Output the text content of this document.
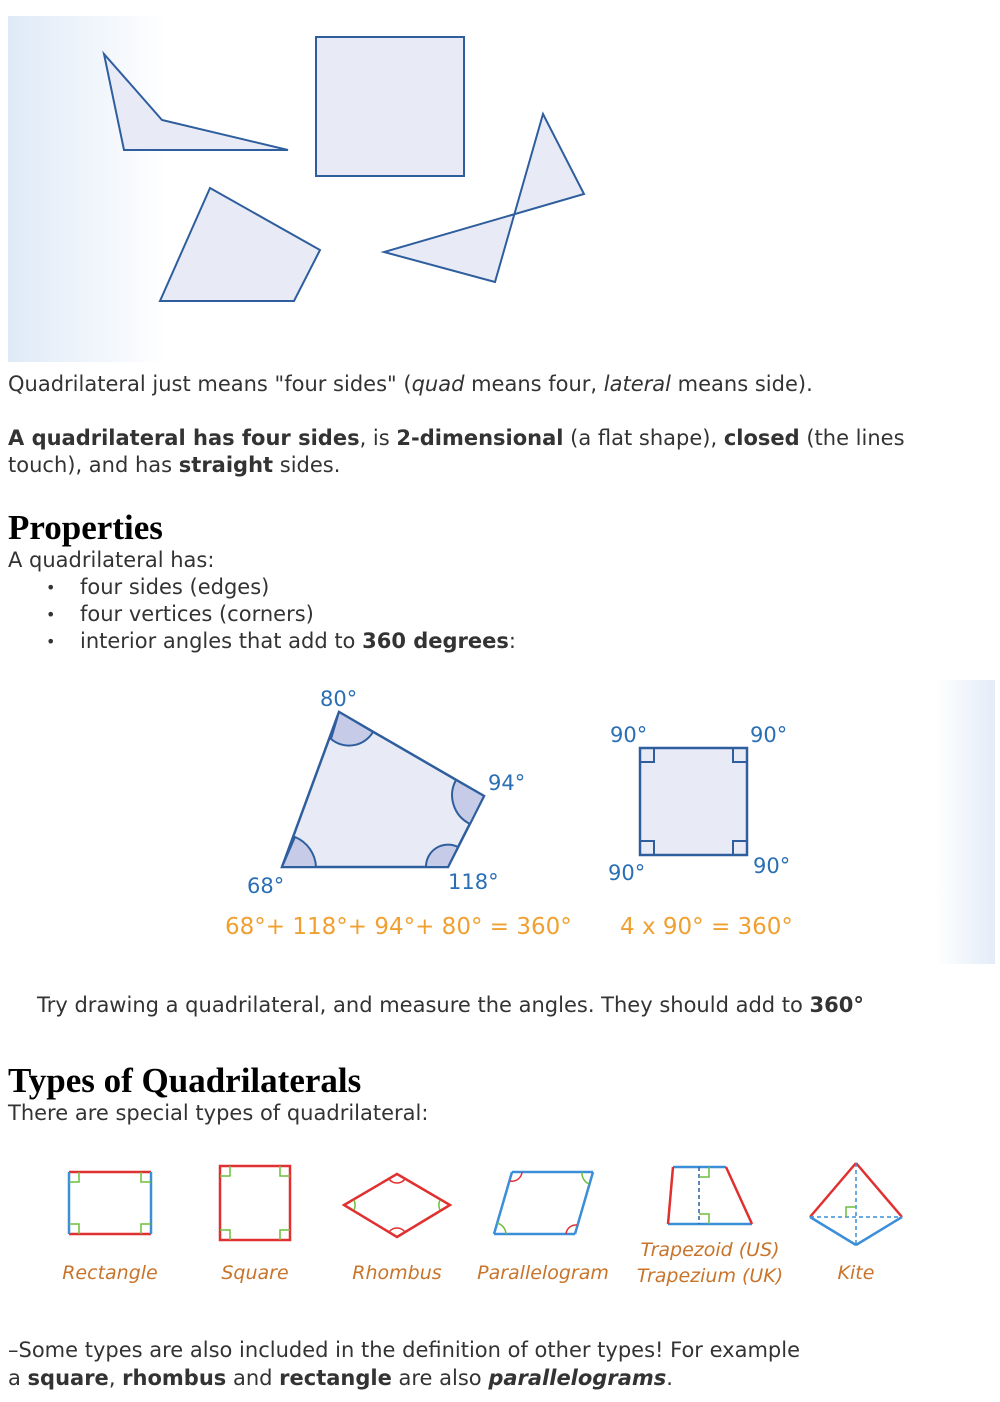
Quadrilateral just means "four sides" (quad means four, lateral means side).

A quadrilateral has four sides, is 2-dimensional (a flat shape), closed (the lines touch), and has straight sides.

Properties

A quadrilateral has:

• four sides (edges)
• four vertices (corners)
• interior angles that add to 360 degrees:
80°
94°
68°	118°
68°+ 118°+ 94°+ 80° = 360°
90°	90°
90°	90°
4 x 90° = 360°

Try drawing a quadrilateral, and measure the angles. They should add to 360°

Types of Quadrilaterals

There are special types of quadrilateral:

Rectangle	Square	Rhombus Parallelogram
Trapezoid (US)
Trapezium (UK)	Kite

–Some types are also included in the definition of other types! For example

a square, rhombus and rectangle are also parallelograms.
